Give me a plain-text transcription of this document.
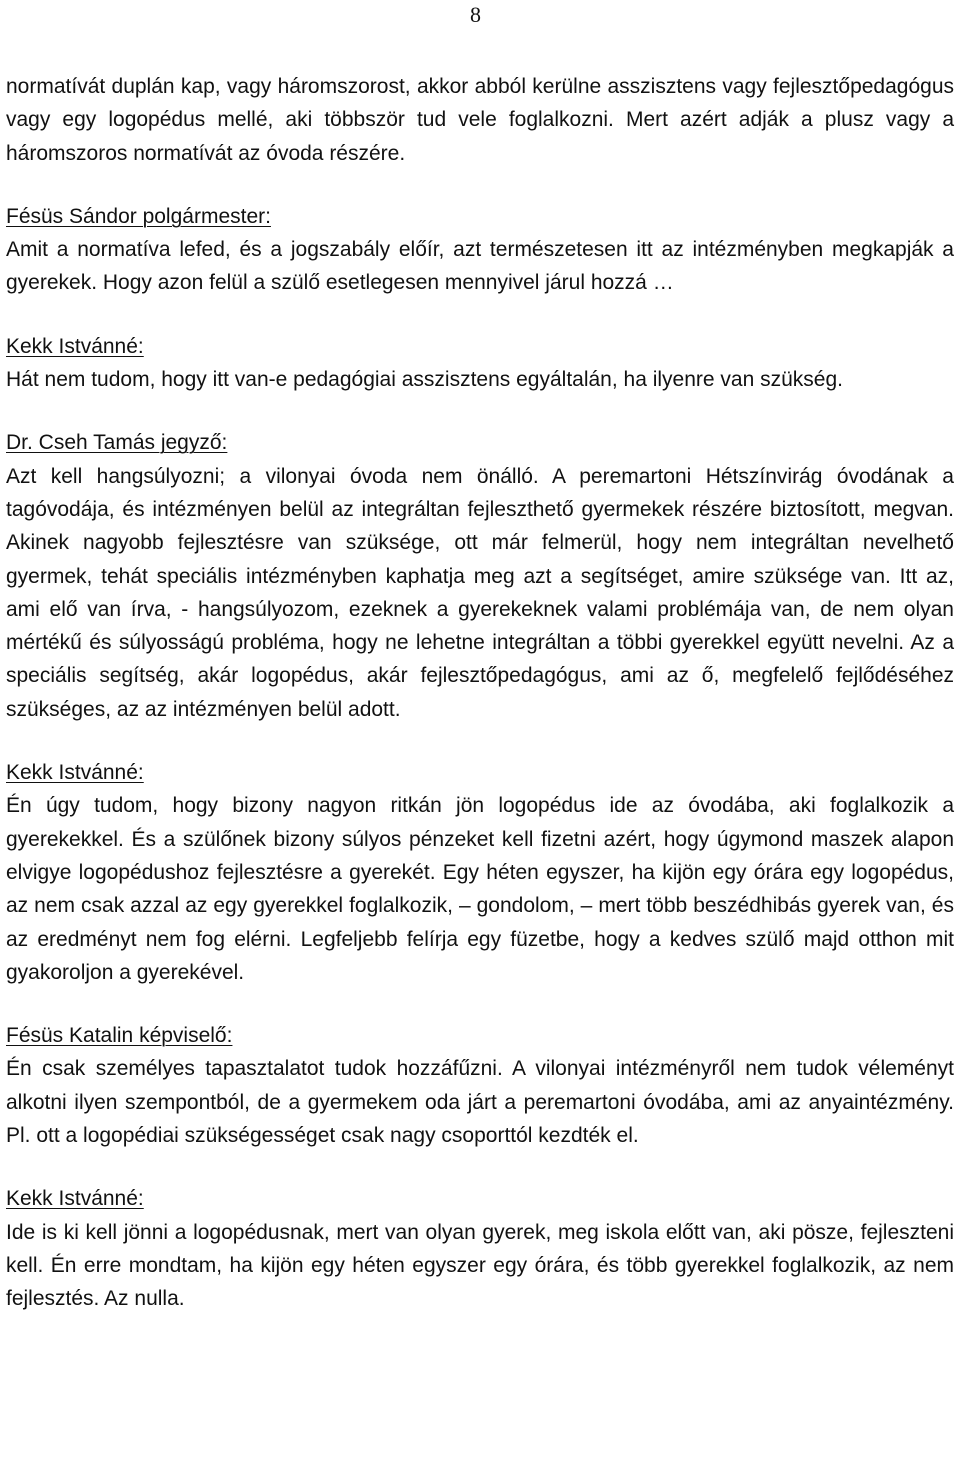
8

normatívát duplán kap, vagy háromszorost, akkor abból kerülne asszisztens vagy fejlesztőpedagógus vagy egy logopédus mellé, aki többször tud vele foglalkozni. Mert azért adják a plusz vagy a háromszoros normatívát az óvoda részére.

Fésüs Sándor polgármester:

Amit a normatíva lefed, és a jogszabály előír, azt természetesen itt az intézményben megkapják a gyerekek. Hogy azon felül a szülő esetlegesen mennyivel járul hozzá …

Kekk Istvánné:

Hát nem tudom, hogy itt van-e pedagógiai asszisztens egyáltalán, ha ilyenre van szükség.

Dr. Cseh Tamás jegyző:

Azt kell hangsúlyozni; a vilonyai óvoda nem önálló. A peremartoni Hétszínvirág óvodának a tagóvodája, és intézményen belül az integráltan fejleszthető gyermekek részére biztosított, megvan. Akinek nagyobb fejlesztésre van szüksége, ott már felmerül, hogy nem integráltan nevelhető gyermek, tehát speciális intézményben kaphatja meg azt a segítséget, amire szüksége van. Itt az, ami elő van írva, - hangsúlyozom, ezeknek a gyerekeknek valami problémája van, de nem olyan mértékű és súlyosságú probléma, hogy ne lehetne integráltan a többi gyerekkel együtt nevelni. Az a speciális segítség, akár logopédus, akár fejlesztőpedagógus, ami az ő, megfelelő fejlődéséhez szükséges, az az intézményen belül adott.

Kekk Istvánné:

Én úgy tudom, hogy bizony nagyon ritkán jön logopédus ide az óvodába, aki foglalkozik a gyerekekkel. És a szülőnek bizony súlyos pénzeket kell fizetni azért, hogy úgymond maszek alapon elvigye logopédushoz fejlesztésre a gyerekét. Egy héten egyszer, ha kijön egy órára egy logopédus, az nem csak azzal az egy gyerekkel foglalkozik, – gondolom, – mert több beszédhibás gyerek van, és az eredményt nem fog elérni. Legfeljebb felírja egy füzetbe, hogy a kedves szülő majd otthon mit gyakoroljon a gyerekével.

Fésüs Katalin képviselő:

Én csak személyes tapasztalatot tudok hozzáfűzni. A vilonyai intézményről nem tudok véleményt alkotni ilyen szempontból, de a gyermekem oda járt a peremartoni óvodába, ami az anyaintézmény. Pl. ott a logopédiai szükségességet csak nagy csoporttól kezdték el.

Kekk Istvánné:

Ide is ki kell jönni a logopédusnak, mert van olyan gyerek, meg iskola előtt van, aki pösze, fejleszteni kell. Én erre mondtam, ha kijön egy héten egyszer egy órára, és több gyerekkel foglalkozik, az nem fejlesztés. Az nulla.
